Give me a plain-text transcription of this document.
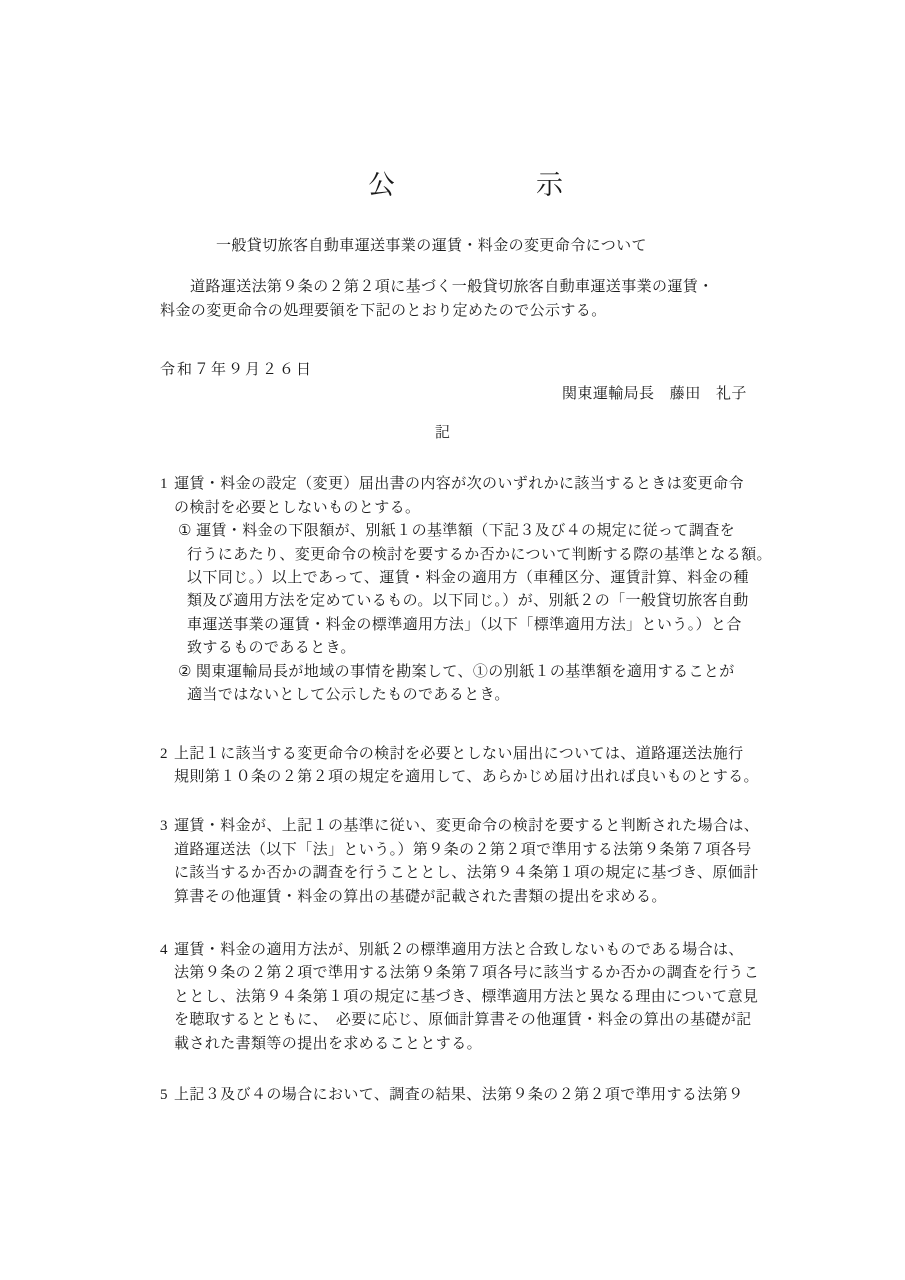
公　　　　　示
一般貸切旅客自動車運送事業の運賃・料金の変更命令について
道路運送法第９条の２第２項に基づく一般貸切旅客自動車運送事業の運賃・
料金の変更命令の処理要領を下記のとおり定めたので公示する。
令和７年９月２６日
関東運輸局長　藤田　礼子
記
1 運賃・料金の設定（変更）届出書の内容が次のいずれかに該当するときは変更命令
の検討を必要としないものとする。
① 運賃・料金の下限額が、別紙１の基準額（下記３及び４の規定に従って調査を
行うにあたり、変更命令の検討を要するか否かについて判断する際の基準となる額。
以下同じ。）以上であって、運賃・料金の適用方（車種区分、運賃計算、料金の種
類及び適用方法を定めているもの。以下同じ。）が、別紙２の「一般貸切旅客自動
車運送事業の運賃・料金の標準適用方法」（以下「標準適用方法」という。）と合
致するものであるとき。
② 関東運輸局長が地域の事情を勘案して、①の別紙１の基準額を適用することが
適当ではないとして公示したものであるとき。
2 上記１に該当する変更命令の検討を必要としない届出については、道路運送法施行
規則第１０条の２第２項の規定を適用して、あらかじめ届け出れば良いものとする。
3 運賃・料金が、上記１の基準に従い、変更命令の検討を要すると判断された場合は、
道路運送法（以下「法」という。）第９条の２第２項で準用する法第９条第７項各号
に該当するか否かの調査を行うこととし、法第９４条第１項の規定に基づき、原価計
算書その他運賃・料金の算出の基礎が記載された書類の提出を求める。
4 運賃・料金の適用方法が、別紙２の標準適用方法と合致しないものである場合は、
法第９条の２第２項で準用する法第９条第７項各号に該当するか否かの調査を行うこ
ととし、法第９４条第１項の規定に基づき、標準適用方法と異なる理由について意見
を聴取するとともに、　必要に応じ、原価計算書その他運賃・料金の算出の基礎が記
載された書類等の提出を求めることとする。
5 上記３及び４の場合において、調査の結果、法第９条の２第２項で準用する法第９
